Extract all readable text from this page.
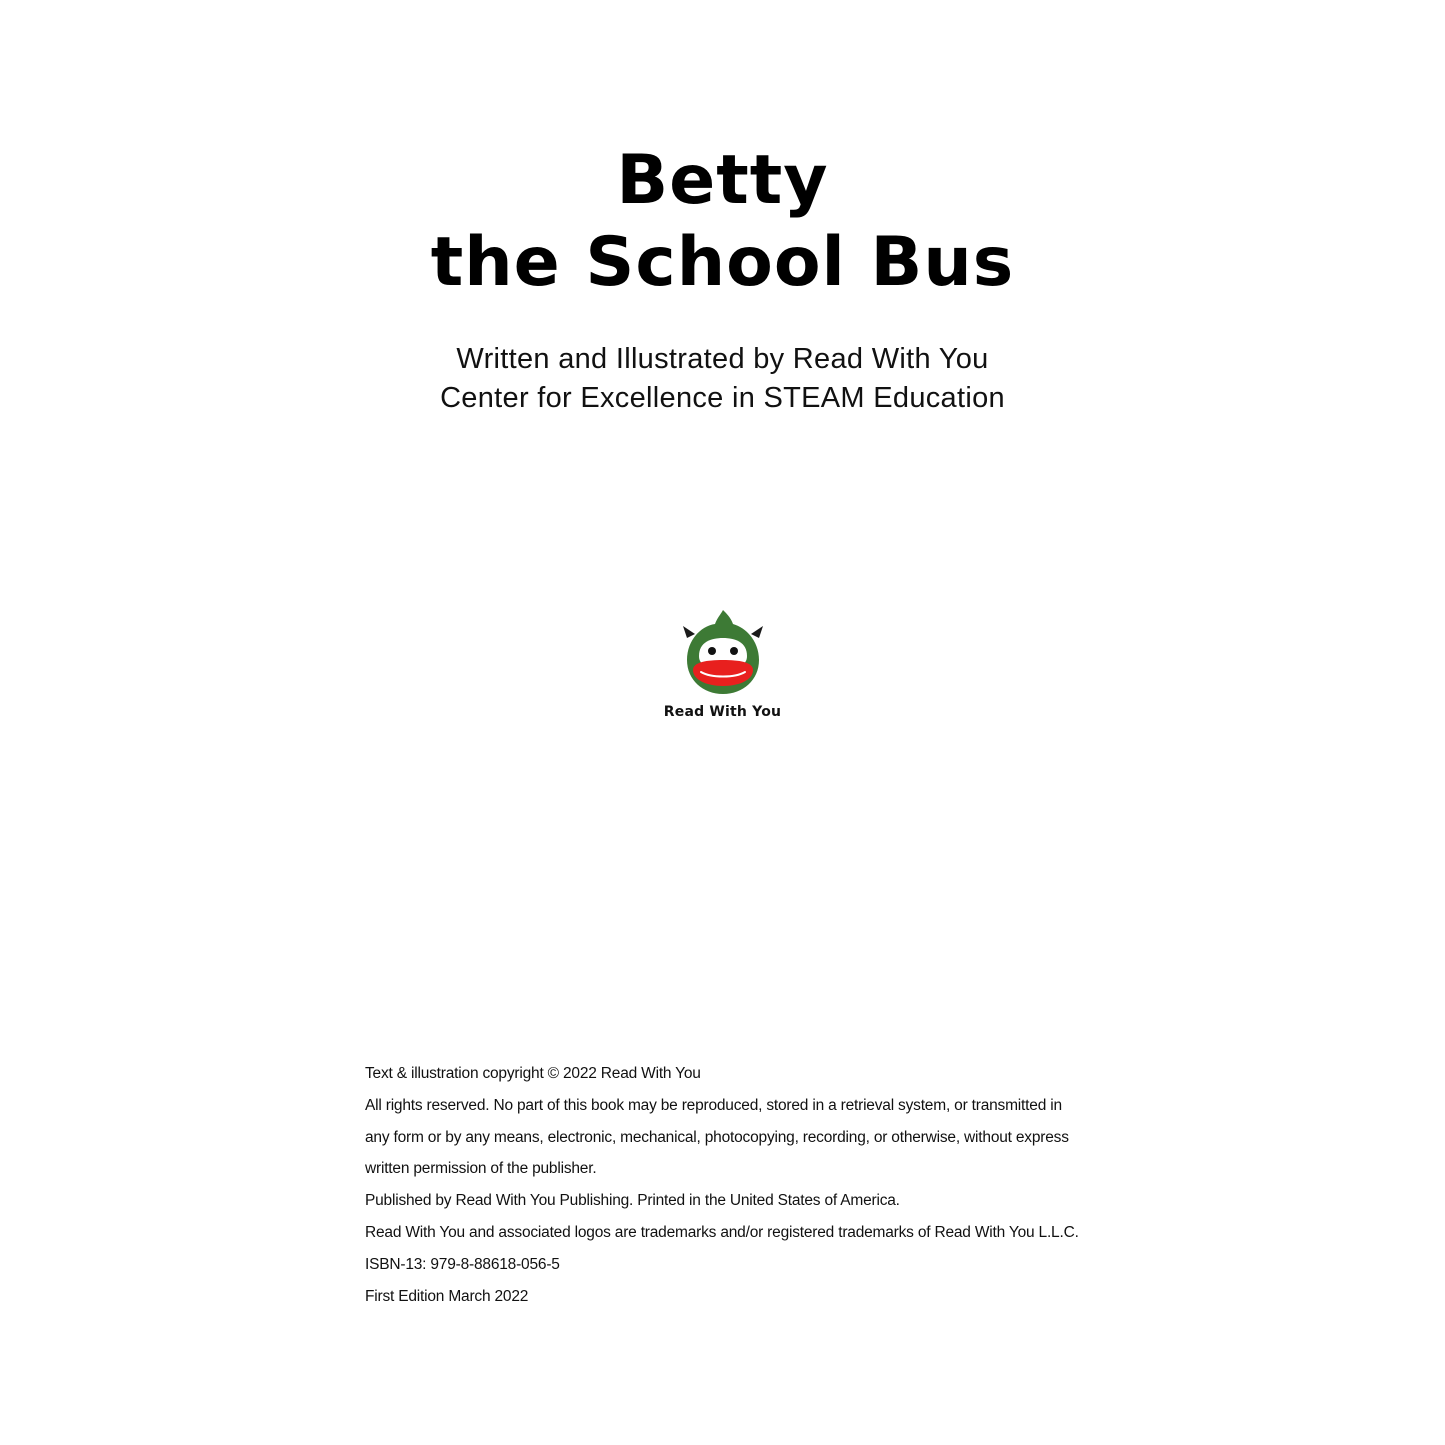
Betty
the School Bus
Written and Illustrated by Read With You
Center for Excellence in STEAM Education
Read With You
Text & illustration copyright © 2022 Read With You
All rights reserved. No part of this book may be reproduced, stored in a retrieval system, or transmitted in
any form or by any means, electronic, mechanical, photocopying, recording, or otherwise, without express
written permission of the publisher.
Published by Read With You Publishing. Printed in the United States of America.
Read With You and associated logos are trademarks and/or registered trademarks of Read With You L.L.C.
ISBN-13: 979-8-88618-056-5
First Edition March 2022
